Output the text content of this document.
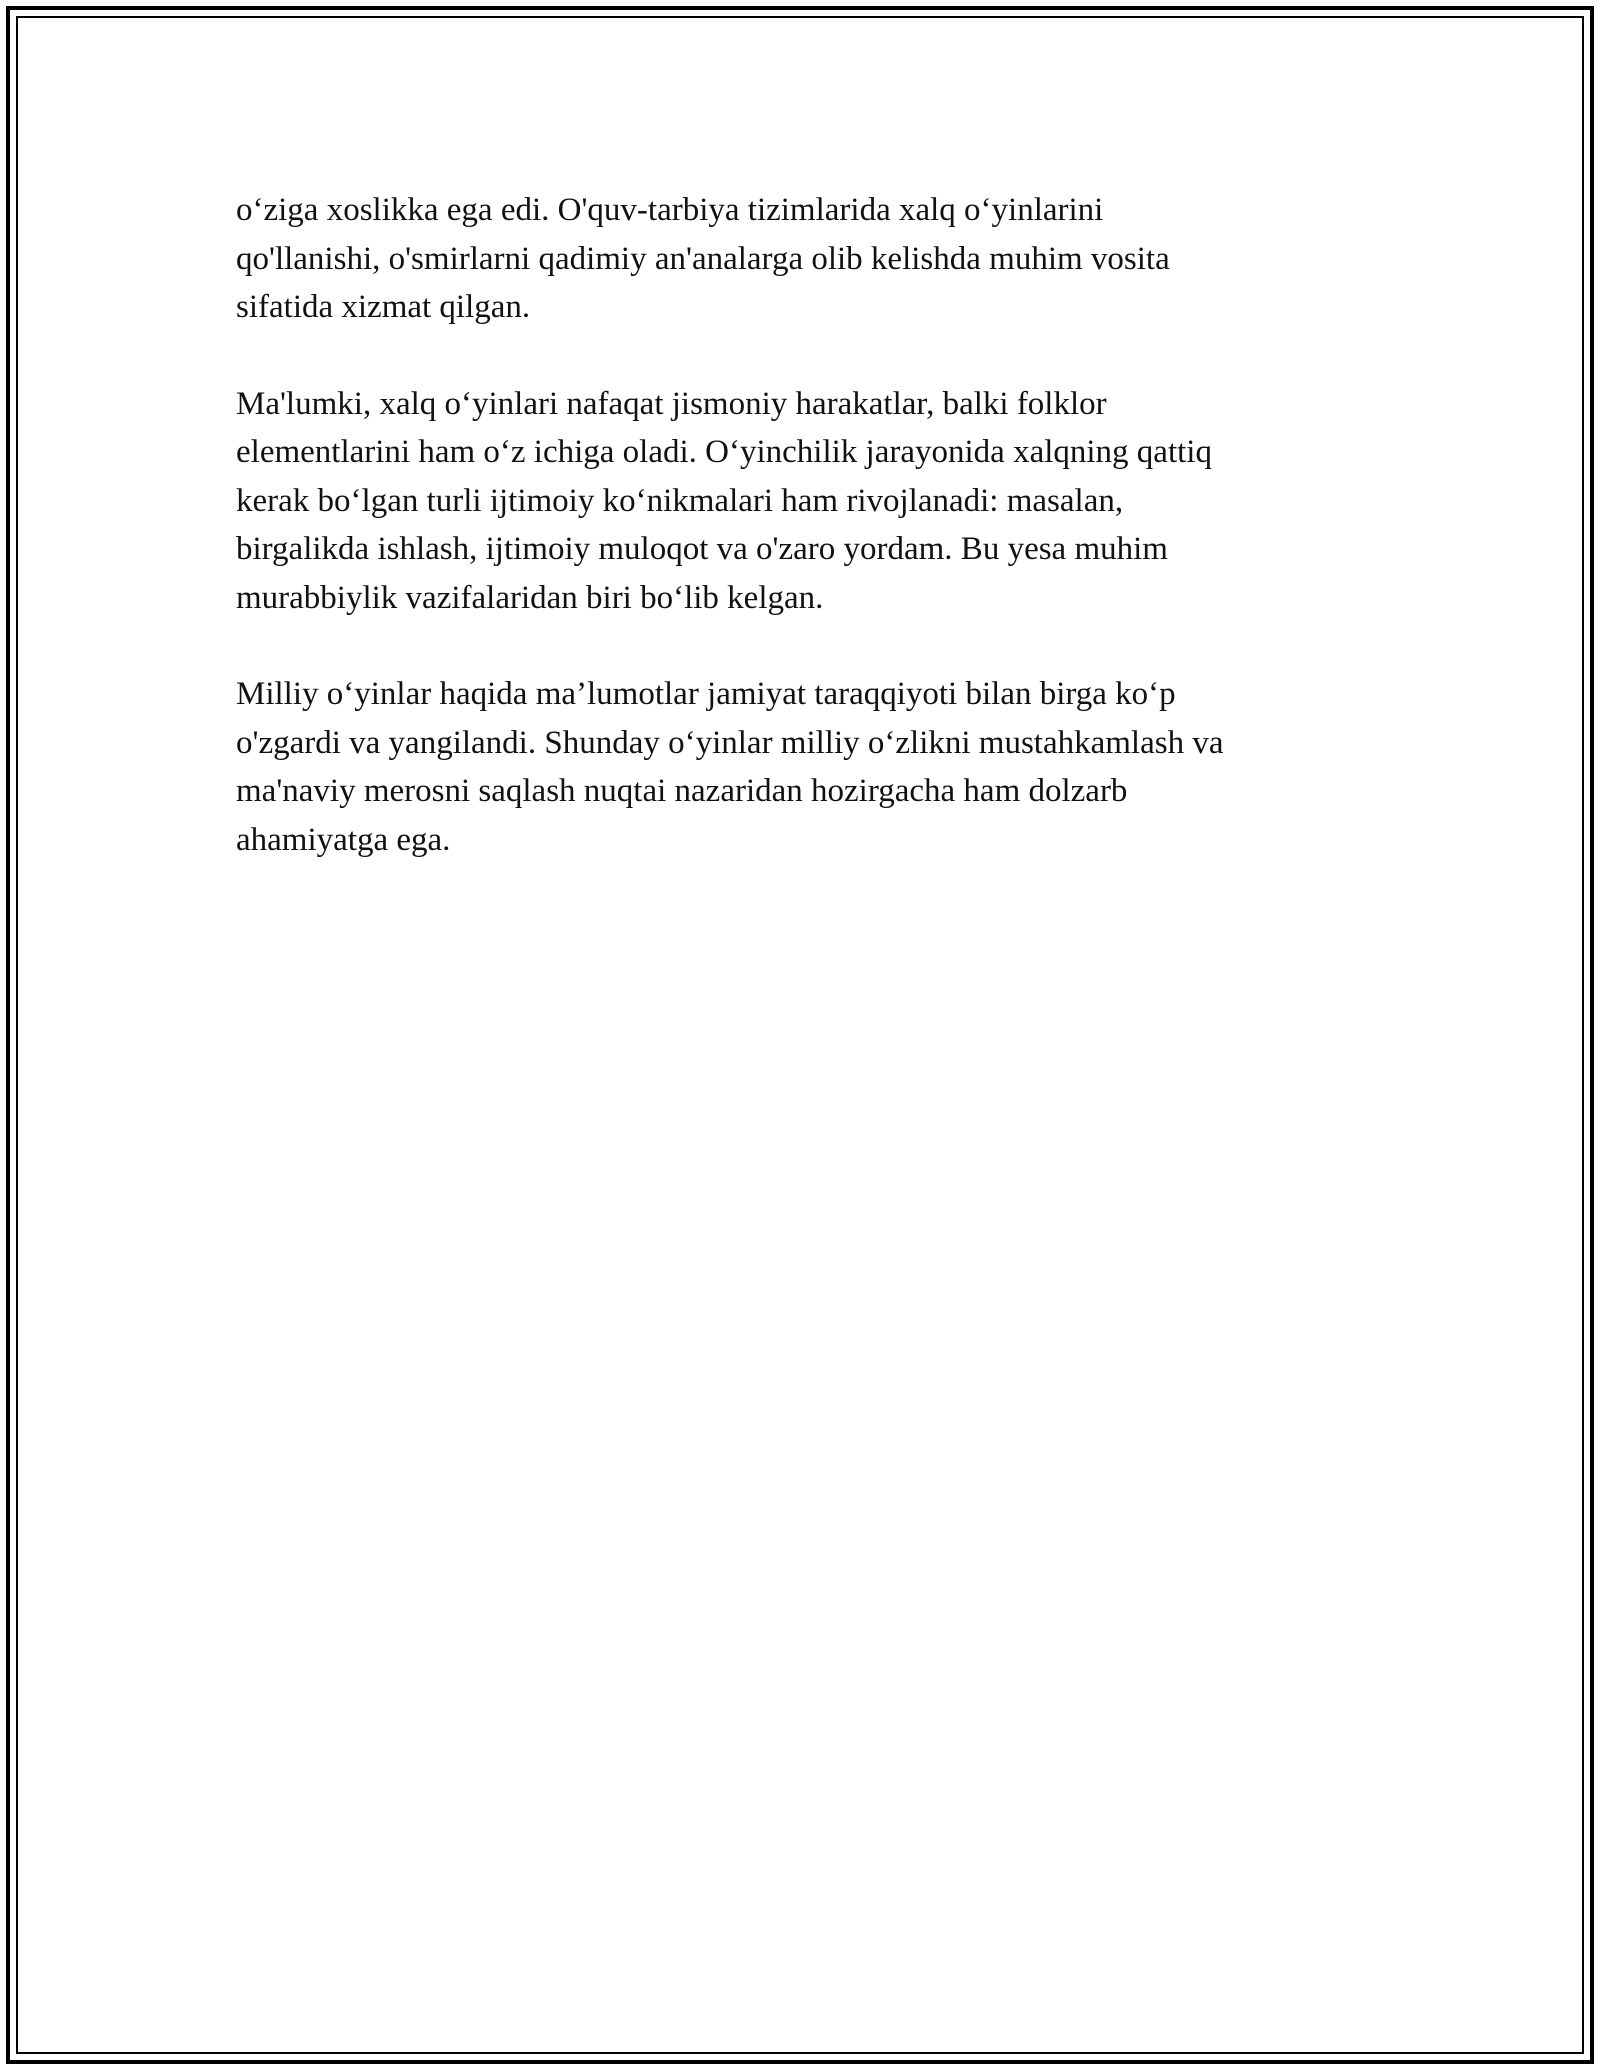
o‘ziga xoslikka ega edi. O'quv-tarbiya tizimlarida xalq o‘yinlarini
qo'llanishi, o'smirlarni qadimiy an'analarga olib kelishda muhim vosita
sifatida xizmat qilgan.

Ma'lumki, xalq o‘yinlari nafaqat jismoniy harakatlar, balki folklor
elementlarini ham o‘z ichiga oladi. O‘yinchilik jarayonida xalqning qattiq
kerak bo‘lgan turli ijtimoiy ko‘nikmalari ham rivojlanadi: masalan,
birgalikda ishlash, ijtimoiy muloqot va o'zaro yordam. Bu yesa muhim
murabbiylik vazifalaridan biri bo‘lib kelgan.

Milliy o‘yinlar haqida ma’lumotlar jamiyat taraqqiyoti bilan birga ko‘p
o'zgardi va yangilandi. Shunday o‘yinlar milliy o‘zlikni mustahkamlash va
ma'naviy merosni saqlash nuqtai nazaridan hozirgacha ham dolzarb
ahamiyatga ega.
